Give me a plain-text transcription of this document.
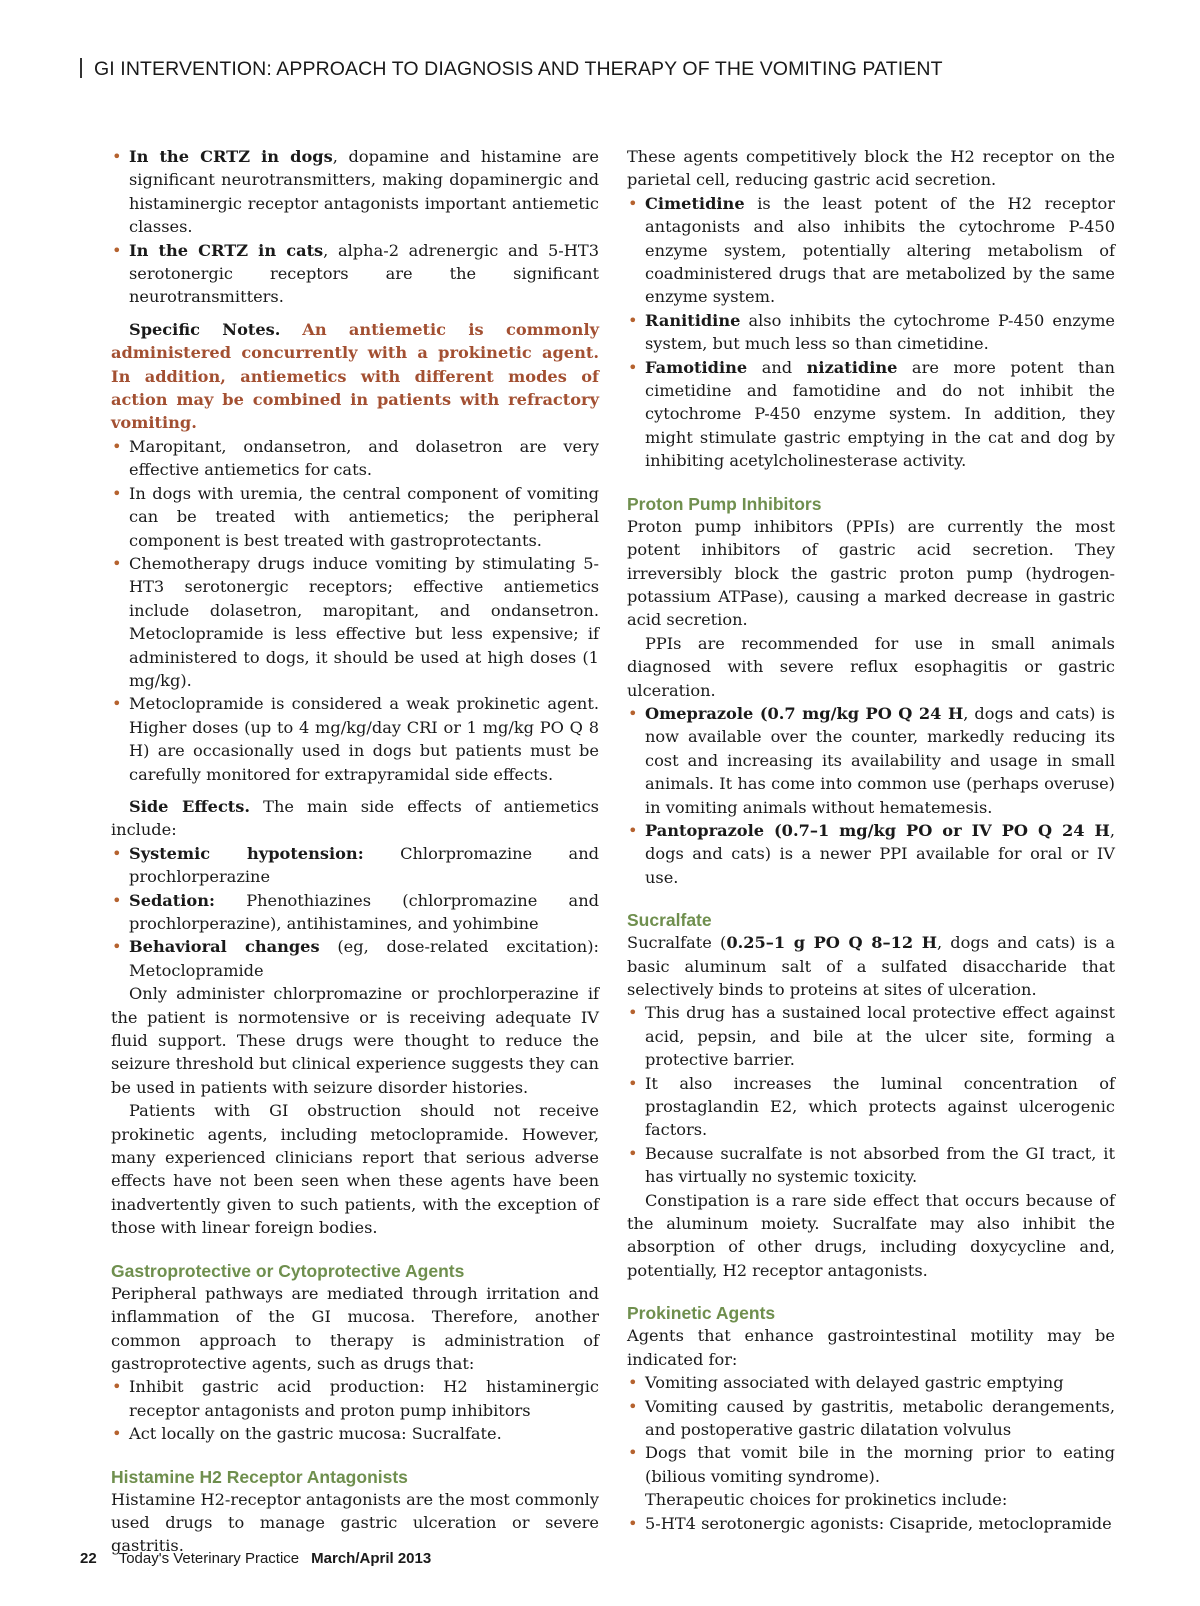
GI INTERVENTION: APPROACH TO DIAGNOSIS AND THERAPY OF THE VOMITING PATIENT
• In the CRTZ in dogs, dopamine and histamine are significant neurotransmitters, making dopaminergic and histaminergic receptor antagonists important antiemetic classes.
• In the CRTZ in cats, alpha-2 adrenergic and 5-HT3 serotonergic receptors are the significant neurotransmitters.

Specific Notes. An antiemetic is commonly administered concurrently with a prokinetic agent. In addition, antiemetics with different modes of action may be combined in patients with refractory vomiting.

• Maropitant, ondansetron, and dolasetron are very effective antiemetics for cats.
• In dogs with uremia, the central component of vomiting can be treated with antiemetics; the peripheral component is best treated with gastroprotectants.
• Chemotherapy drugs induce vomiting by stimulating 5-HT3 serotonergic receptors; effective antiemetics include dolasetron, maropitant, and ondansetron. Metoclopramide is less effective but less expensive; if administered to dogs, it should be used at high doses (1 mg/kg).
• Metoclopramide is considered a weak prokinetic agent. Higher doses (up to 4 mg/kg/day CRI or 1 mg/kg PO Q 8 H) are occasionally used in dogs but patients must be carefully monitored for extrapyramidal side effects.

Side Effects. The main side effects of antiemetics include:

• Systemic hypotension: Chlorpromazine and prochlorperazine
• Sedation: Phenothiazines (chlorpromazine and prochlorperazine), antihistamines, and yohimbine
• Behavioral changes (eg, dose-related excitation): Metoclopramide

Only administer chlorpromazine or prochlorperazine if the patient is normotensive or is receiving adequate IV fluid support. These drugs were thought to reduce the seizure threshold but clinical experience suggests they can be used in patients with seizure disorder histories.

Patients with GI obstruction should not receive prokinetic agents, including metoclopramide. However, many experienced clinicians report that serious adverse effects have not been seen when these agents have been inadvertently given to such patients, with the exception of those with linear foreign bodies.

Gastroprotective or Cytoprotective Agents

Peripheral pathways are mediated through irritation and inflammation of the GI mucosa. Therefore, another common approach to therapy is administration of gastroprotective agents, such as drugs that:

• Inhibit gastric acid production: H2 histaminergic receptor antagonists and proton pump inhibitors
• Act locally on the gastric mucosa: Sucralfate.
Histamine H2 Receptor Antagonists

Histamine H2-receptor antagonists are the most commonly used drugs to manage gastric ulceration or severe gastritis.

These agents competitively block the H2 receptor on the parietal cell, reducing gastric acid secretion.

• Cimetidine is the least potent of the H2 receptor antagonists and also inhibits the cytochrome P-450 enzyme system, potentially altering metabolism of coadministered drugs that are metabolized by the same enzyme system.
• Ranitidine also inhibits the cytochrome P-450 enzyme system, but much less so than cimetidine.
• Famotidine and nizatidine are more potent than cimetidine and famotidine and do not inhibit the cytochrome P-450 enzyme system. In addition, they might stimulate gastric emptying in the cat and dog by inhibiting acetylcholinesterase activity.
Proton Pump Inhibitors

Proton pump inhibitors (PPIs) are currently the most potent inhibitors of gastric acid secretion. They irreversibly block the gastric proton pump (hydrogen-potassium ATPase), causing a marked decrease in gastric acid secretion.

PPIs are recommended for use in small animals diagnosed with severe reflux esophagitis or gastric ulceration.

• Omeprazole (0.7 mg/kg PO Q 24 H, dogs and cats) is now available over the counter, markedly reducing its cost and increasing its availability and usage in small animals. It has come into common use (perhaps overuse) in vomiting animals without hematemesis.
• Pantoprazole (0.7–1 mg/kg PO or IV PO Q 24 H, dogs and cats) is a newer PPI available for oral or IV use.
Sucralfate

Sucralfate (0.25–1 g PO Q 8–12 H, dogs and cats) is a basic aluminum salt of a sulfated disaccharide that selectively binds to proteins at sites of ulceration.

• This drug has a sustained local protective effect against acid, pepsin, and bile at the ulcer site, forming a protective barrier.
• It also increases the luminal concentration of prostaglandin E2, which protects against ulcerogenic factors.
• Because sucralfate is not absorbed from the GI tract, it has virtually no systemic toxicity.

Constipation is a rare side effect that occurs because of the aluminum moiety. Sucralfate may also inhibit the absorption of other drugs, including doxycycline and, potentially, H2 receptor antagonists.

Prokinetic Agents

Agents that enhance gastrointestinal motility may be indicated for:

• Vomiting associated with delayed gastric emptying
• Vomiting caused by gastritis, metabolic derangements, and postoperative gastric dilatation volvulus
• Dogs that vomit bile in the morning prior to eating (bilious vomiting syndrome).

Therapeutic choices for prokinetics include:

• 5-HT4 serotonergic agonists: Cisapride, metoclopramide
22 Today's Veterinary Practice March/April 2013
